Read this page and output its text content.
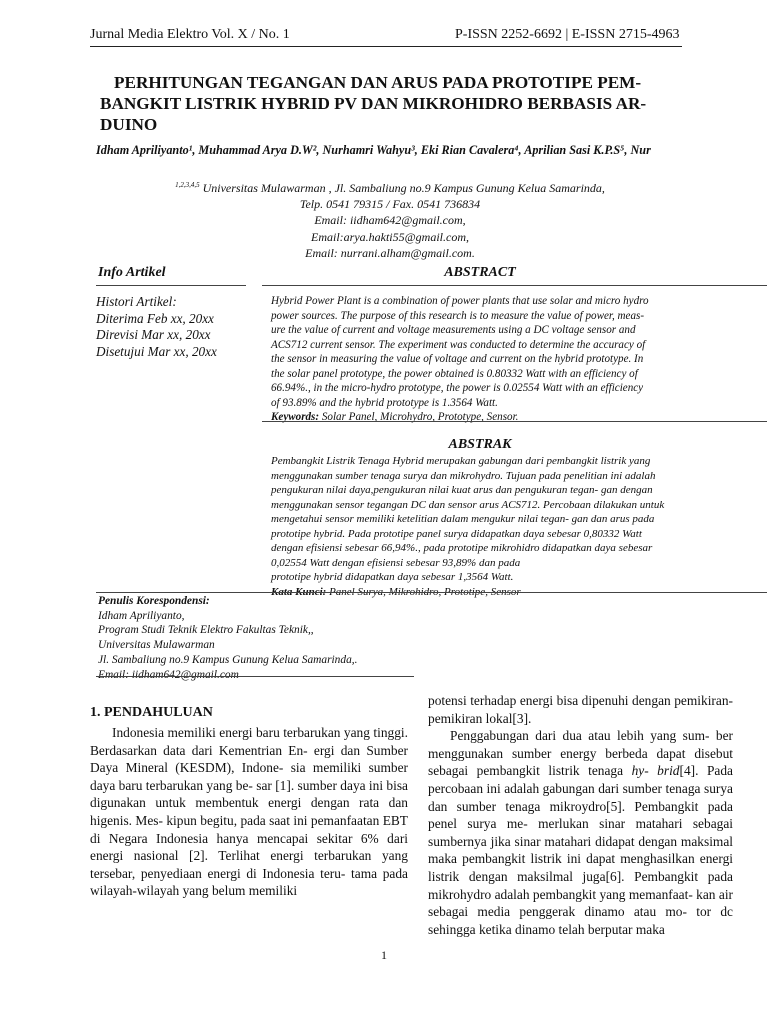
Jurnal Media Elektro Vol. X / No. 1	P-ISSN 2252-6692 | E-ISSN 2715-4963
PERHITUNGAN TEGANGAN DAN ARUS PADA PROTOTIPE PEM-
BANGKIT LISTRIK HYBRID PV DAN MIKROHIDRO BERBASIS AR-
DUINO
Idham Apriliyanto¹, Muhammad Arya D.W², Nurhamri Wahyu³, Eki Rian Cavalera⁴, Aprilian Sasi K.P.S⁵, Nur
$^{1,2,3,4,5}$ Universitas Mulawarman , Jl. Sambaliung no.9 Kampus Gunung Kelua Samarinda,
Telp. 0541 79315 / Fax. 0541 736834
Email: iidham642@gmail.com,
Email:arya.hakti55@gmail.com,
Email: nurrani.alham@gmail.com.
Info Artikel	ABSTRACT
Histori Artikel:
Diterima Feb xx, 20xx
Direvisi Mar xx, 20xx
Disetujui Mar xx, 20xx
Hybrid Power Plant is a combination of power plants that use solar and micro hydro
power sources. The purpose of this research is to measure the value of power, meas-
ure the value of current and voltage measurements using a DC voltage sensor and
ACS712 current sensor. The experiment was conducted to determine the accuracy of
the sensor in measuring the value of voltage and current on the hybrid prototype. In
the solar panel prototype, the power obtained is 0.80332 Watt with an efficiency of
66.94%., in the micro-hydro prototype, the power is 0.02554 Watt with an efficiency
of 93.89% and the hybrid prototype is 1.3564 Watt.
Keywords: Solar Panel, Microhydro, Prototype, Sensor.
ABSTRAK
Pembangkit Listrik Tenaga Hybrid merupakan gabungan dari pembangkit listrik yang
menggunakan sumber tenaga surya dan mikrohydro. Tujuan pada penelitian ini adalah
pengukuran nilai daya,pengukuran nilai kuat arus dan pengukuran tegan- gan dengan
menggunakan sensor tegangan DC dan sensor arus ACS712. Percobaan dilakukan untuk
mengetahui sensor memiliki ketelitian dalam mengukur nilai tegan- gan dan arus pada
prototipe hybrid. Pada prototipe panel surya didapatkan daya sebesar 0,80332 Watt
dengan efisiensi sebesar 66,94%., pada prototipe mikrohidro didapatkan daya sebesar
0,02554 Watt dengan efisiensi sebesar 93,89% dan pada
prototipe hybrid didapatkan daya sebesar 1,3564 Watt.
Kata Kunci: Panel Surya, Mikrohidro, Prototipe, Sensor
Penulis Korespondensi:
Idham Apriliyanto,
Program Studi Teknik Elektro Fakultas Teknik,,
Universitas Mulawarman
Jl. Sambaliung no.9 Kampus Gunung Kelua Samarinda,.
Email: iidham642@gmail.com
1. PENDAHULUAN

Indonesia memiliki energi baru terbarukan yang tinggi. Berdasarkan data dari Kementrian En- ergi dan Sumber Daya Mineral (KESDM), Indone- sia memiliki sumber daya baru terbarukan yang be- sar [1]. sumber daya ini bisa digunakan untuk membentuk energi dengan rata dan higenis. Mes- kipun begitu, pada saat ini pemanfaatan EBT di Negara Indonesia hanya mencapai sekitar 6% dari energi nasional [2]. Terlihat energi terbarukan yang tersebar, penyediaan energi di Indonesia teru- tama pada wilayah-wilayah yang belum memiliki

potensi terhadap energi bisa dipenuhi dengan pemikiran-pemikiran lokal[3].

Penggabungan dari dua atau lebih yang sum- ber menggunakan sumber energy berbeda dapat disebut sebagai pembangkit listrik tenaga hy- brid[4]. Pada percobaan ini adalah gabungan dari sumber tenaga surya dan sumber tenaga mikroydro[5]. Pembangkit pada penel surya me- merlukan sinar matahari sebagai sumbernya jika sinar matahari didapat dengan maksimal maka pembangkit listrik ini dapat menghasilkan energi listrik dengan maksilmal juga[6]. Pembangkit pada mikrohydro adalah pembangkit yang memanfaat- kan air sebagai media penggerak dinamo atau mo- tor dc sehingga ketika dinamo telah berputar maka

1
